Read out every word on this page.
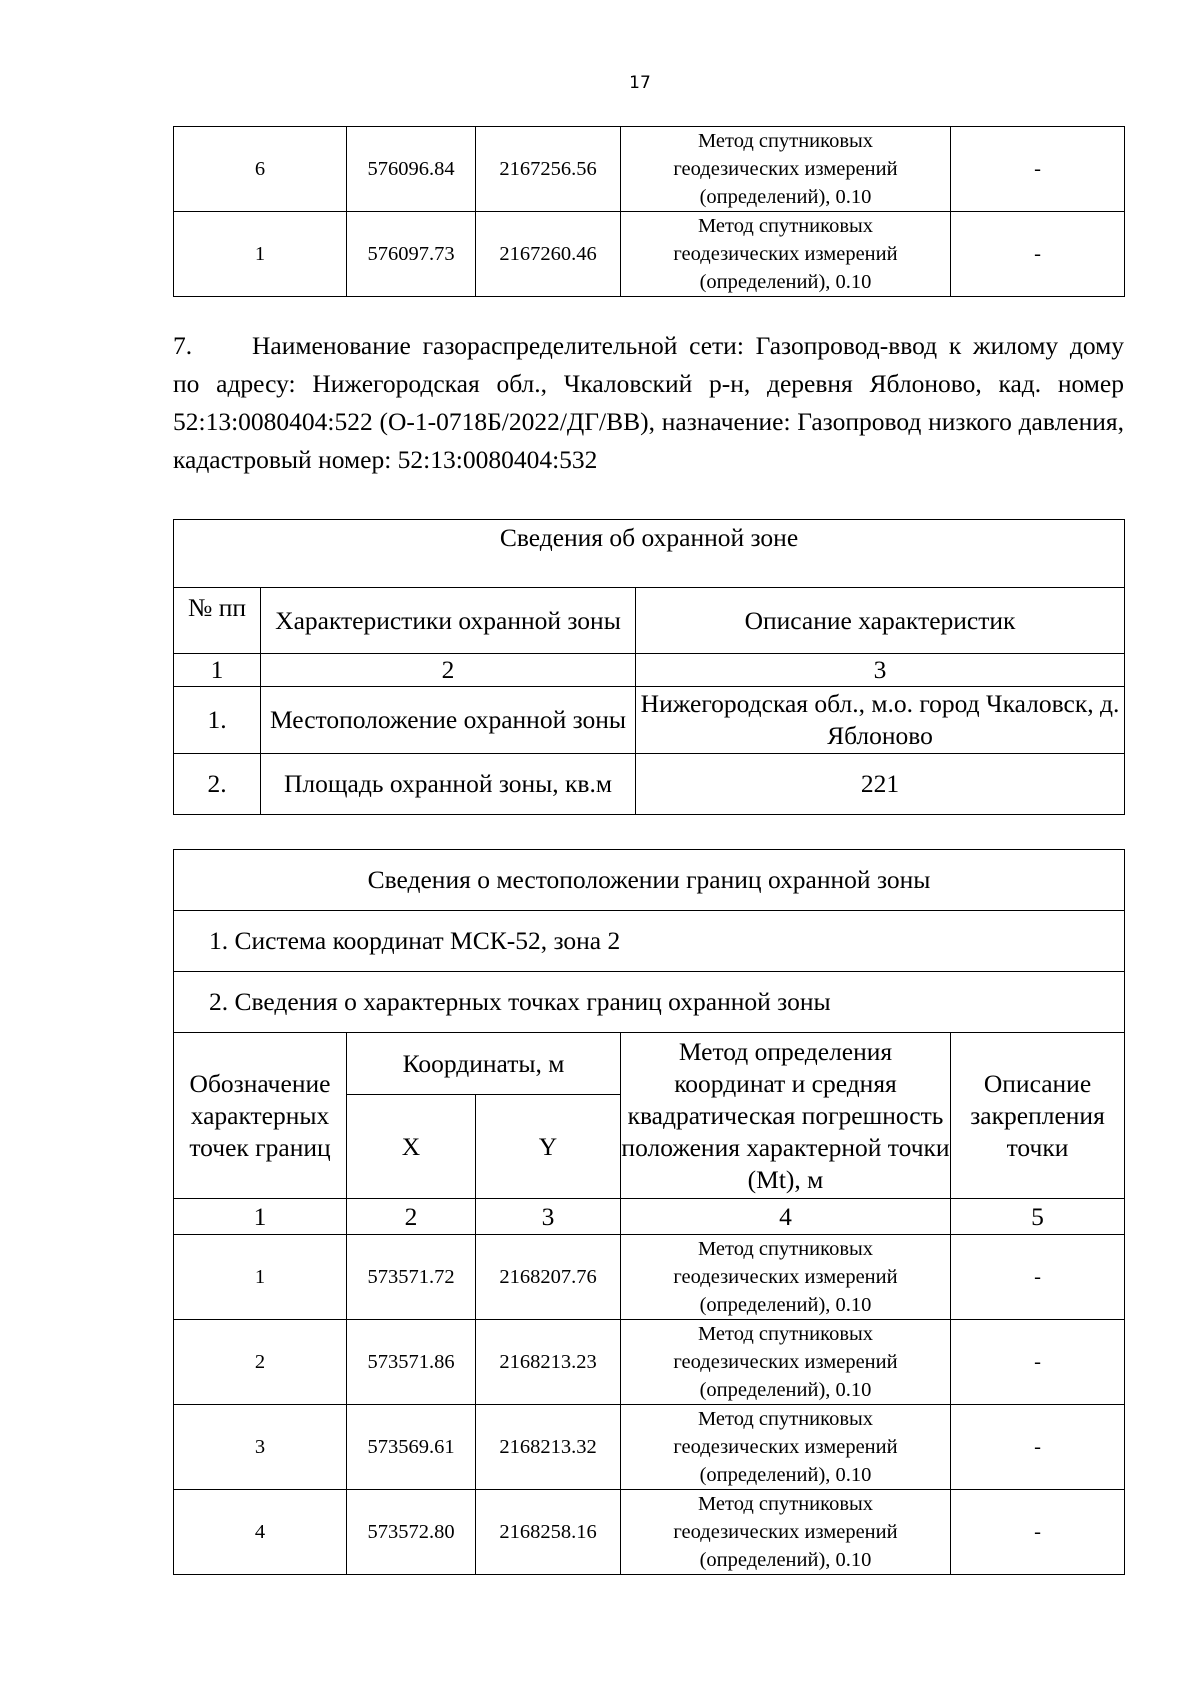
17
6	576096.84	2167256.56	Метод спутниковых
геодезических измерений
(определений), 0.10	-
1	576097.73	2167260.46	Метод спутниковых
геодезических измерений
(определений), 0.10	-
7. Наименование газораспределительной сети: Газопровод-ввод к жилому дому по адресу: Нижегородская обл., Чкаловский р-н, деревня Яблоново, кад. номер 52:13:0080404:522 (О-1-0718Б/2022/ДГ/ВВ), назначение: Газопровод низкого давления, кадастровый номер: 52:13:0080404:532
Сведения об охранной зоне		
№ пп	Характеристики охранной зоны	Описание характеристик
1	2	3
1.	Местоположение охранной зоны	Нижегородская обл., м.о. город Чкаловск, д. Яблоново
2.	Площадь охранной зоны, кв.м	221
Сведения о местоположении границ охранной зоны				
1. Система координат МСК-52, зона 2				
2. Сведения о характерных точках границ охранной зоны				
Обозначение характерных точек границ	Координаты, м		Метод определения координат и средняя квадратическая погрешность положения характерной точки (Mt), м	Описание закрепления точки
	X	Y		
1	2	3	4	5
1	573571.72	2168207.76	Метод спутниковых
геодезических измерений
(определений), 0.10	-
2	573571.86	2168213.23	Метод спутниковых
геодезических измерений
(определений), 0.10	-
3	573569.61	2168213.32	Метод спутниковых
геодезических измерений
(определений), 0.10	-
4	573572.80	2168258.16	Метод спутниковых
геодезических измерений
(определений), 0.10	-
